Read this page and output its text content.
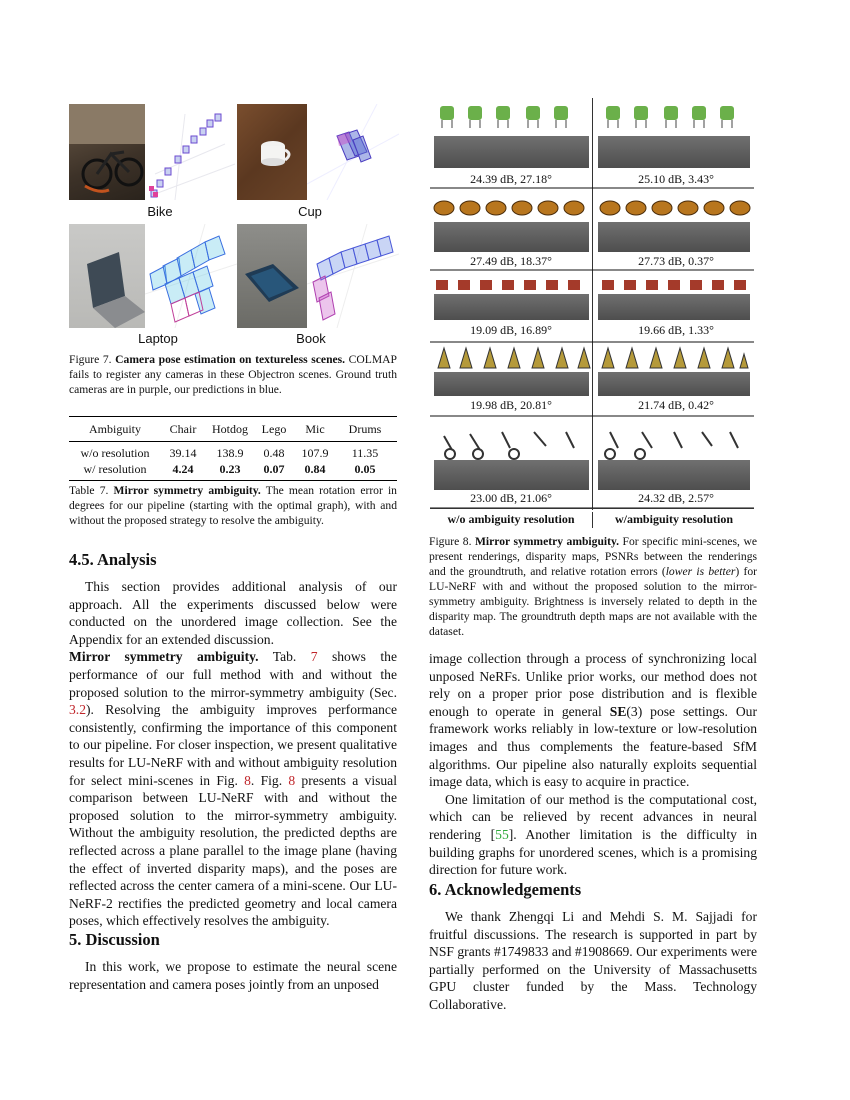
Bike	Cup
Laptop	Book
Figure 7. Camera pose estimation on textureless scenes. COLMAP fails to register any cameras in these Objectron scenes. Ground truth cameras are in purple, our predictions in blue.
Ambiguity	Chair	Hotdog	Lego	Mic	Drums
w/o resolution	39.14	138.9	0.48	107.9	11.35
w/ resolution	4.24	0.23	0.07	0.84	0.05
Table 7. Mirror symmetry ambiguity. The mean rotation error in degrees for our pipeline (starting with the optimal graph), with and without the proposed strategy to resolve the ambiguity.
4.5. Analysis

This section provides additional analysis of our approach. All the experiments discussed below were conducted on the unordered image collection. See the Appendix for an extended discussion.

Mirror symmetry ambiguity. Tab. 7 shows the performance of our full method with and without the proposed solution to the mirror-symmetry ambiguity (Sec. 3.2). Resolving the ambiguity improves performance consistently, confirming the importance of this component to our pipeline. For closer inspection, we present qualitative results for LU-NeRF with and without ambiguity resolution for select mini-scenes in Fig. 8. Fig. 8 presents a visual comparison between LU-NeRF with and without the proposed solution to the mirror-symmetry ambiguity. Without the ambiguity resolution, the predicted depths are reflected across a plane parallel to the image plane (having the effect of inverted disparity maps), and the poses are reflected across the center camera of a mini-scene. Our LU-NeRF-2 rectifies the predicted geometry and local camera poses, which effectively resolves the ambiguity.

5. Discussion

In this work, we propose to estimate the neural scene representation and camera poses jointly from an unposed

24.39 dB, 27.18°	25.10 dB, 3.43°
27.49 dB, 18.37°	27.73 dB, 0.37°
19.09 dB, 16.89°	19.66 dB, 1.33°
19.98 dB, 20.81°	21.74 dB, 0.42°
23.00 dB, 21.06°	24.32 dB, 2.57°
w/o ambiguity resolution	w/ambiguity resolution
Figure 8. Mirror symmetry ambiguity. For specific mini-scenes, we present renderings, disparity maps, PSNRs between the renderings and the groundtruth, and relative rotation errors (lower is better) for LU-NeRF with and without the proposed solution to the mirror-symmetry ambiguity. Brightness is inversely related to depth in the disparity map. The groundtruth depth maps are not available with the dataset.

image collection through a process of synchronizing local unposed NeRFs. Unlike prior works, our method does not rely on a proper prior pose distribution and is flexible enough to operate in general SE(3) pose settings. Our framework works reliably in low-texture or low-resolution images and thus complements the feature-based SfM algorithms. Our pipeline also naturally exploits sequential image data, which is easy to acquire in practice.

One limitation of our method is the computational cost, which can be relieved by recent advances in neural rendering [55]. Another limitation is the difficulty in building graphs for unordered scenes, which is a promising direction for future work.

6. Acknowledgements

We thank Zhengqi Li and Mehdi S. M. Sajjadi for fruitful discussions. The research is supported in part by NSF grants #1749833 and #1908669. Our experiments were partially performed on the University of Massachusetts GPU cluster funded by the Mass. Technology Collaborative.
